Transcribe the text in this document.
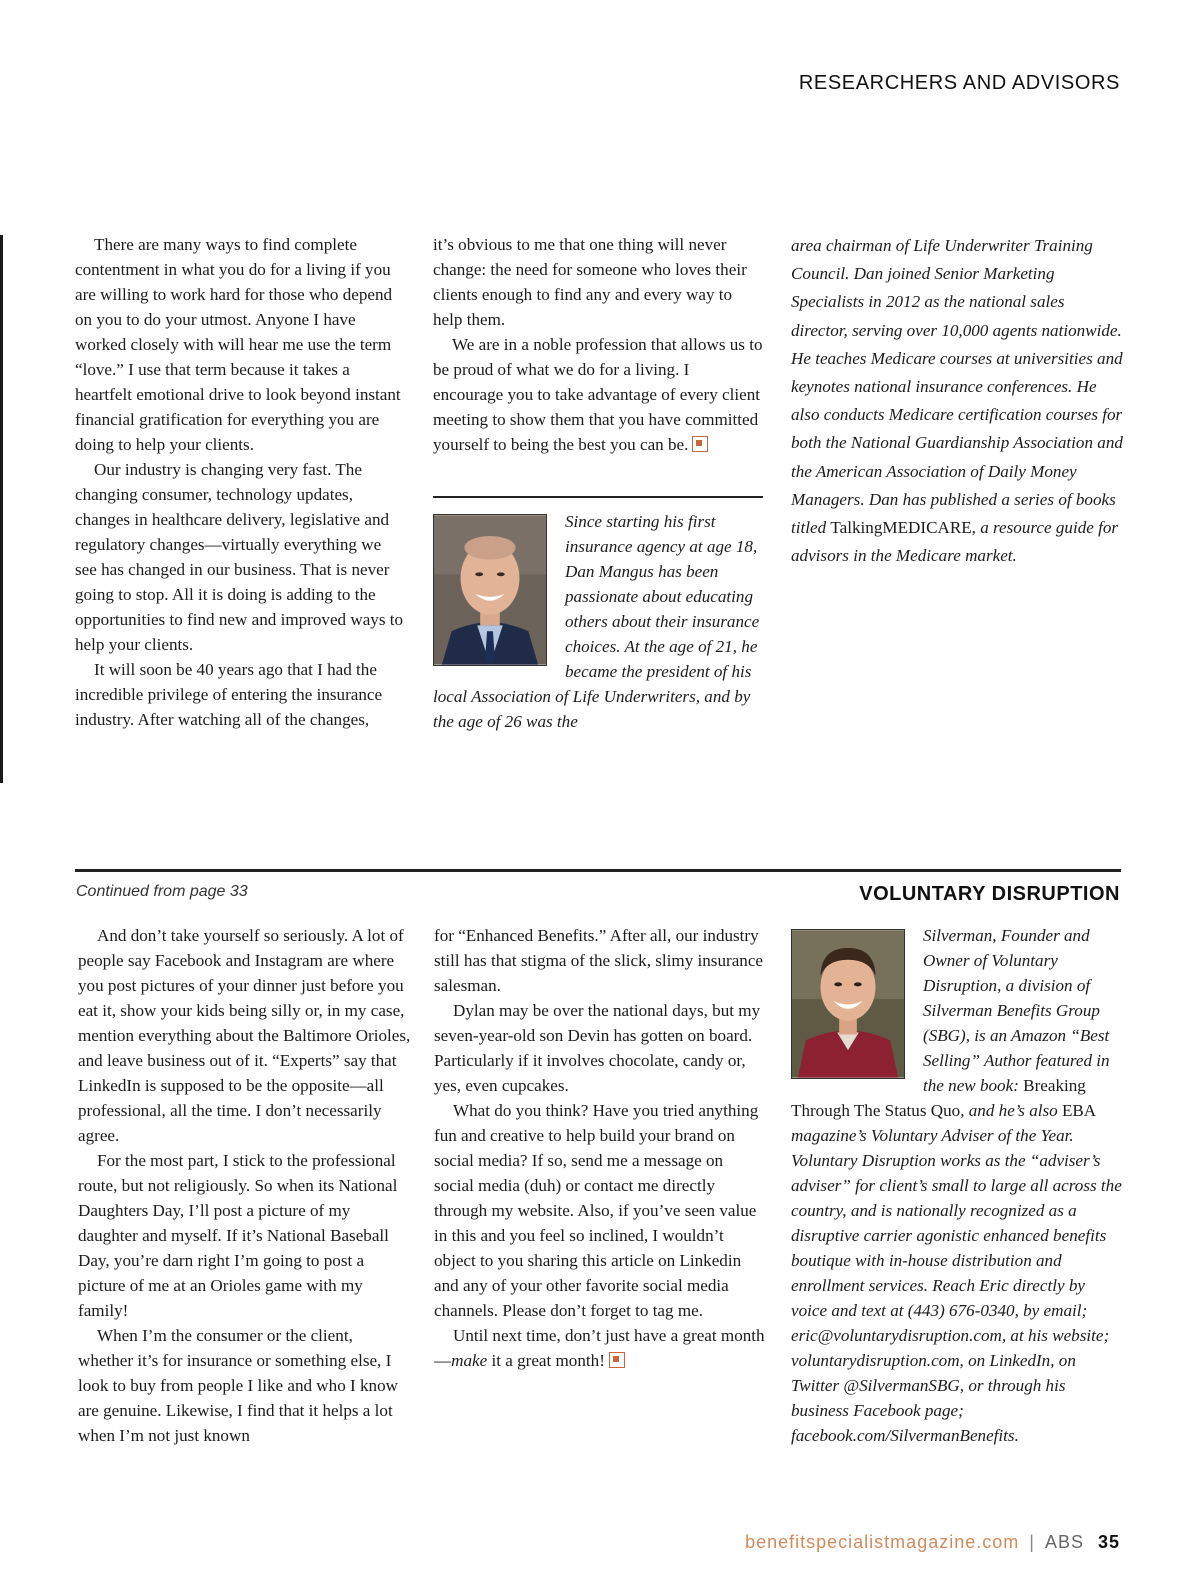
RESEARCHERS AND ADVISORS

There are many ways to find complete contentment in what you do for a living if you are willing to work hard for those who depend on you to do your utmost. Anyone I have worked closely with will hear me use the term “love.” I use that term because it takes a heartfelt emotional drive to look beyond instant financial gratification for everything you are doing to help your clients.

Our industry is changing very fast. The changing consumer, technology updates, changes in healthcare delivery, legislative and regulatory changes—virtually everything we see has changed in our business. That is never going to stop. All it is doing is adding to the opportunities to find new and improved ways to help your clients.

It will soon be 40 years ago that I had the incredible privilege of entering the insurance industry. After watching all of the changes,

it’s obvious to me that one thing will never change: the need for someone who loves their clients enough to find any and every way to help them.

We are in a noble profession that allows us to be proud of what we do for a living. I encourage you to take advantage of every client meeting to show them that you have committed yourself to being the best you can be.

Since starting his first insurance agency at age 18, Dan Mangus has been passionate about educating others about their insurance choices. At the age of 21, he became the president of his local Association of Life Underwriters, and by the age of 26 was the
area chairman of Life Underwriter Training Council. Dan joined Senior Marketing Specialists in 2012 as the national sales director, serving over 10,000 agents nationwide. He teaches Medicare courses at universities and keynotes national insurance conferences. He also conducts Medicare certification courses for both the National Guardianship Association and the American Association of Daily Money Managers. Dan has published a series of books titled TalkingMEDICARE, a resource guide for advisors in the Medicare market.
Continued from page 33	VOLUNTARY DISRUPTION

And don’t take yourself so seriously. A lot of people say Facebook and Instagram are where you post pictures of your dinner just before you eat it, show your kids being silly or, in my case, mention everything about the Baltimore Orioles, and leave business out of it. “Experts” say that LinkedIn is supposed to be the opposite—all professional, all the time. I don’t necessarily agree.

For the most part, I stick to the professional route, but not religiously. So when its National Daughters Day, I’ll post a picture of my daughter and myself. If it’s National Baseball Day, you’re darn right I’m going to post a picture of me at an Orioles game with my family!

When I’m the consumer or the client, whether it’s for insurance or something else, I look to buy from people I like and who I know are genuine. Likewise, I find that it helps a lot when I’m not just known

for “Enhanced Benefits.” After all, our industry still has that stigma of the slick, slimy insurance salesman.

Dylan may be over the national days, but my seven-year-old son Devin has gotten on board. Particularly if it involves chocolate, candy or, yes, even cupcakes.

What do you think? Have you tried anything fun and creative to help build your brand on social media? If so, send me a message on social media (duh) or contact me directly through my website. Also, if you’ve seen value in this and you feel so inclined, I wouldn’t object to you sharing this article on Linkedin and any of your other favorite social media channels. Please don’t forget to tag me.

Until next time, don’t just have a great month—make it a great month!

Silverman, Founder and Owner of Voluntary Disruption, a division of Silverman Benefits Group (SBG), is an Amazon “Best Selling” Author featured in the new book: Breaking Through The Status Quo, and he’s also EBA magazine’s Voluntary Adviser of the Year. Voluntary Disruption works as the “adviser’s adviser” for client’s small to large all across the country, and is nationally recognized as a disruptive carrier agonistic enhanced benefits boutique with in-house distribution and enrollment services. Reach Eric directly by voice and text at (443) 676-0340, by email; eric@voluntarydisruption.com, at his website; voluntarydisruption.com, on LinkedIn, on Twitter @SilvermanSBG, or through his business Facebook page; facebook.com/SilvermanBenefits.
benefitspecialistmagazine.com | ABS 35
